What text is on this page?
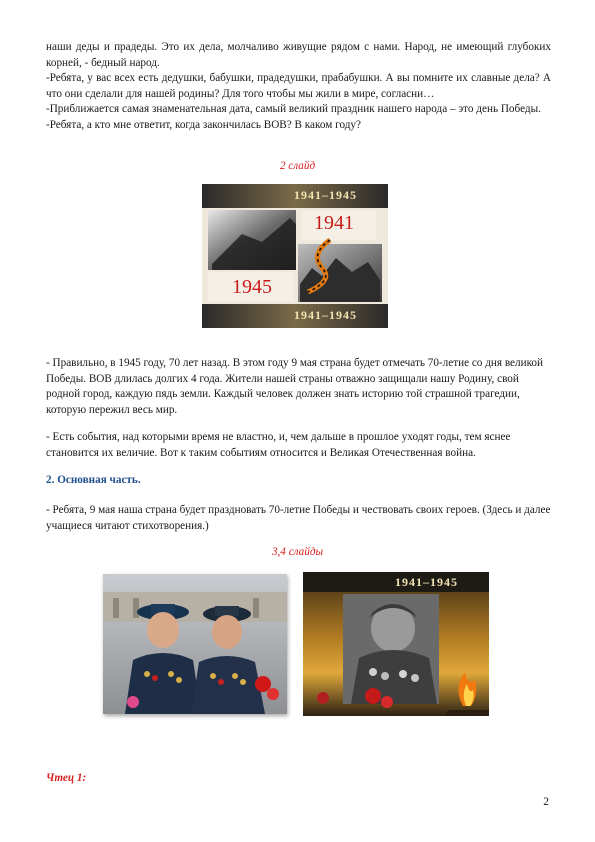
наши деды и прадеды. Это их дела, молчаливо живущие рядом с нами. Народ, не имеющий глубоких корней, - бедный народ.

-Ребята, у вас всех есть дедушки, бабушки, прадедушки, прабабушки. А вы помните их славные дела? А что они сделали для нашей родины? Для того чтобы мы жили в мире, согласни…

-Приближается самая знаменательная дата, самый великий праздник нашего народа – это день Победы.

-Ребята, а кто мне ответит, когда закончилась ВОВ? В каком году?

2 слайд
1941–1945
1941–1945
1941
1945
- Правильно, в 1945 году, 70 лет назад. В этом году 9 мая страна будет отмечать 70-летие со дня великой Победы. ВОВ длилась долгих 4 года. Жители нашей страны отважно защищали нашу Родину, свой родной город, каждую пядь земли. Каждый человек должен знать историю той страшной трагедии, которую пережил весь мир.
- Есть события, над которыми время не властно, и, чем дальше в прошлое уходят годы, тем яснее становится их величие. Вот к таким событиям относится и Великая Отечественная война.
2. Основная часть.
- Ребята, 9 мая наша страна будет праздновать 70-летие Победы и чествовать своих героев. (Здесь и далее учащиеся читают стихотворения.)
3,4 слайды
1941–1945
Чтец 1:
2
